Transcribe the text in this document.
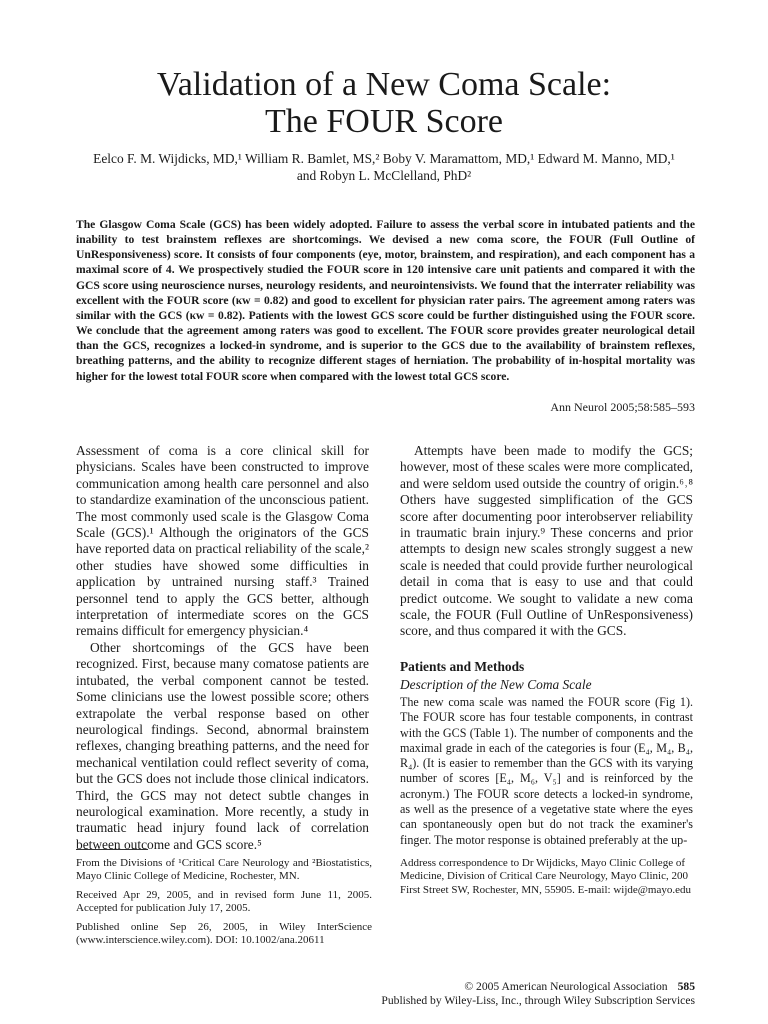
Validation of a New Coma Scale:
The FOUR Score
Eelco F. M. Wijdicks, MD,¹ William R. Bamlet, MS,² Boby V. Maramattom, MD,¹ Edward M. Manno, MD,¹
and Robyn L. McClelland, PhD²
The Glasgow Coma Scale (GCS) has been widely adopted. Failure to assess the verbal score in intubated patients and the inability to test brainstem reflexes are shortcomings. We devised a new coma score, the FOUR (Full Outline of UnResponsiveness) score. It consists of four components (eye, motor, brainstem, and respiration), and each component has a maximal score of 4. We prospectively studied the FOUR score in 120 intensive care unit patients and compared it with the GCS score using neuroscience nurses, neurology residents, and neurointensivists. We found that the interrater reliability was excellent with the FOUR score (κw = 0.82) and good to excellent for physician rater pairs. The agreement among raters was similar with the GCS (κw = 0.82). Patients with the lowest GCS score could be further distinguished using the FOUR score. We conclude that the agreement among raters was good to excellent. The FOUR score provides greater neurological detail than the GCS, recognizes a locked-in syndrome, and is superior to the GCS due to the availability of brainstem reflexes, breathing patterns, and the ability to recognize different stages of herniation. The probability of in-hospital mortality was higher for the lowest total FOUR score when compared with the lowest total GCS score.
Ann Neurol 2005;58:585–593

Assessment of coma is a core clinical skill for physicians. Scales have been constructed to improve communication among health care personnel and also to standardize examination of the unconscious patient. The most commonly used scale is the Glasgow Coma Scale (GCS).¹ Although the originators of the GCS have reported data on practical reliability of the scale,² other studies have showed some difficulties in application by untrained nursing staff.³ Trained personnel tend to apply the GCS better, although interpretation of intermediate scores on the GCS remains difficult for emergency physician.⁴

Other shortcomings of the GCS have been recognized. First, because many comatose patients are intubated, the verbal component cannot be tested. Some clinicians use the lowest possible score; others extrapolate the verbal response based on other neurological findings. Second, abnormal brainstem reflexes, changing breathing patterns, and the need for mechanical ventilation could reflect severity of coma, but the GCS does not include those clinical indicators. Third, the GCS may not detect subtle changes in neurological examination. More recently, a study in traumatic head injury found lack of correlation between outcome and GCS score.⁵

Attempts have been made to modify the GCS; however, most of these scales were more complicated, and were seldom used outside the country of origin.⁶˒⁸ Others have suggested simplification of the GCS score after documenting poor interobserver reliability in traumatic brain injury.⁹ These concerns and prior attempts to design new scales strongly suggest a new scale is needed that could provide further neurological detail in coma that is easy to use and that could predict outcome. We sought to validate a new coma scale, the FOUR (Full Outline of UnResponsiveness) score, and thus compared it with the GCS.

Patients and Methods
Description of the New Coma Scale

The new coma scale was named the FOUR score (Fig 1). The FOUR score has four testable components, in contrast with the GCS (Table 1). The number of components and the maximal grade in each of the categories is four (E₄, M₄, B₄, R₄). (It is easier to remember than the GCS with its varying number of scores [E₄, M₆, V₅] and is reinforced by the acronym.) The FOUR score detects a locked-in syndrome, as well as the presence of a vegetative state where the eyes can spontaneously open but do not track the examiner's finger. The motor response is obtained preferably at the up-

From the Divisions of ¹Critical Care Neurology and ²Biostatistics, Mayo Clinic College of Medicine, Rochester, MN.

Received Apr 29, 2005, and in revised form June 11, 2005. Accepted for publication July 17, 2005.

Published online Sep 26, 2005, in Wiley InterScience (www.interscience.wiley.com). DOI: 10.1002/ana.20611

Address correspondence to Dr Wijdicks, Mayo Clinic College of Medicine, Division of Critical Care Neurology, Mayo Clinic, 200 First Street SW, Rochester, MN, 55905. E-mail: wijde@mayo.edu

© 2005 American Neurological Association 585
Published by Wiley-Liss, Inc., through Wiley Subscription Services
